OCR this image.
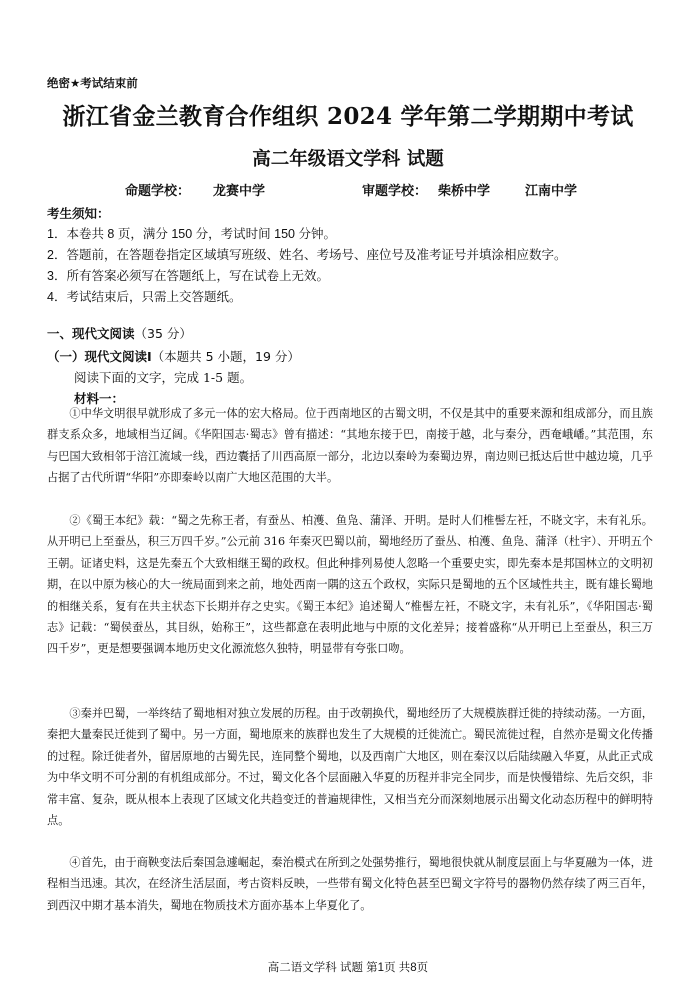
绝密★考试结束前
浙江省金兰教育合作组织 2024 学年第二学期期中考试
高二年级语文学科 试题
命题学校： 龙赛中学	审题学校： 柴桥中学	江南中学
考生须知：
1．本卷共 8 页，满分 150 分，考试时间 150 分钟。
2．答题前，在答题卷指定区域填写班级、姓名、考场号、座位号及准考证号并填涂相应数字。
3．所有答案必须写在答题纸上，写在试卷上无效。
4．考试结束后，只需上交答题纸。
一、现代文阅读（35 分）
（一）现代文阅读Ⅰ（本题共 5 小题，19 分）
阅读下面的文字，完成 1-5 题。
材料一：

①中华文明很早就形成了多元一体的宏大格局。位于西南地区的古蜀文明，不仅是其中的重要来源和组成部分，而且族群支系众多，地域相当辽阔。《华阳国志·蜀志》曾有描述：“其地东接于巴，南接于越，北与秦分，西奄峨嶓。”其范围，东与巴国大致相邻于涪江流域一线，西边囊括了川西高原一部分，北边以秦岭为秦蜀边界，南边则已抵达后世中越边境，几乎占据了古代所谓“华阳”亦即秦岭以南广大地区范围的大半。

②《蜀王本纪》载：“蜀之先称王者，有蚕丛、柏濩、鱼凫、蒲泽、开明。是时人们椎髻左衽，不晓文字，未有礼乐。从开明已上至蚕丛，积三万四千岁。”公元前 316 年秦灭巴蜀以前，蜀地经历了蚕丛、柏濩、鱼凫、蒲泽（杜宇）、开明五个王朝。证诸史料，这是先秦五个大致相继王蜀的政权。但此种排列易使人忽略一个重要史实，即先秦本是邦国林立的文明初期，在以中原为核心的大一统局面到来之前，地处西南一隅的这五个政权，实际只是蜀地的五个区域性共主，既有雄长蜀地的相继关系，复有在共主状态下长期并存之史实。《蜀王本纪》追述蜀人“椎髻左衽，不晓文字，未有礼乐”，《华阳国志·蜀志》记载：“蜀侯蚕丛，其目纵，始称王”，这些都意在表明此地与中原的文化差异；接着盛称“从开明已上至蚕丛，积三万四千岁”，更是想要强调本地历史文化源流悠久独特，明显带有夸张口吻。

③秦并巴蜀，一举终结了蜀地相对独立发展的历程。由于改朝换代，蜀地经历了大规模族群迁徙的持续动荡。一方面，秦把大量秦民迁徙到了蜀中。另一方面，蜀地原来的族群也发生了大规模的迁徙流亡。蜀民流徙过程，自然亦是蜀文化传播的过程。除迁徙者外，留居原地的古蜀先民，连同整个蜀地，以及西南广大地区，则在秦汉以后陆续融入华夏，从此正式成为中华文明不可分割的有机组成部分。不过，蜀文化各个层面融入华夏的历程并非完全同步，而是快慢错综、先后交织，非常丰富、复杂，既从根本上表现了区域文化共趋变迁的普遍规律性，又相当充分而深刻地展示出蜀文化动态历程中的鲜明特点。

④首先，由于商鞅变法后秦国急遽崛起，秦治模式在所到之处强势推行，蜀地很快就从制度层面上与华夏融为一体，进程相当迅速。其次，在经济生活层面，考古资料反映，一些带有蜀文化特色甚至巴蜀文字符号的器物仍然存续了两三百年，到西汉中期才基本消失，蜀地在物质技术方面亦基本上华夏化了。

高二语文学科 试题 第1页 共8页
